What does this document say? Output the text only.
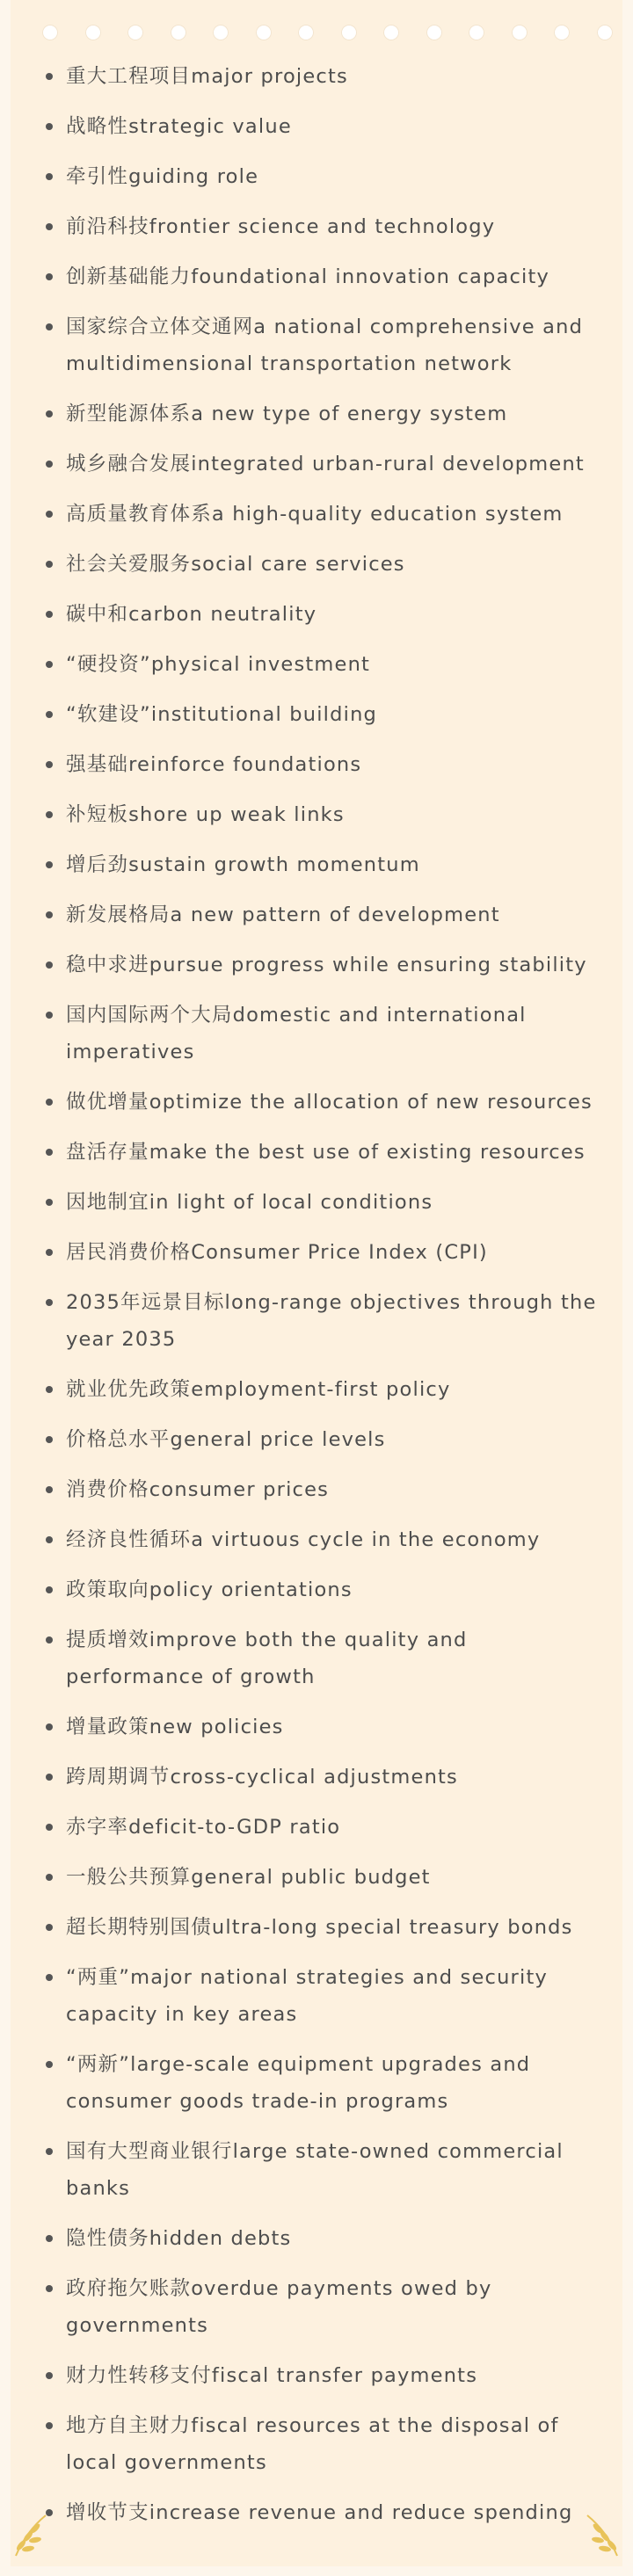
重大工程项目major projects
战略性strategic value
牵引性guiding role
前沿科技frontier science and technology
创新基础能力foundational innovation capacity
国家综合立体交通网a national comprehensive and multidimensional transportation network
新型能源体系a new type of energy system
城乡融合发展integrated urban-rural development
高质量教育体系a high-quality education system
社会关爱服务social care services
碳中和carbon neutrality
“硬投资”physical investment
“软建设”institutional building
强基础reinforce foundations
补短板shore up weak links
增后劲sustain growth momentum
新发展格局a new pattern of development
稳中求进pursue progress while ensuring stability
国内国际两个大局domestic and international imperatives
做优增量optimize the allocation of new resources
盘活存量make the best use of existing resources
因地制宜in light of local conditions
居民消费价格Consumer Price Index (CPI)
2035年远景目标long-range objectives through the year 2035
就业优先政策employment-first policy
价格总水平general price levels
消费价格consumer prices
经济良性循环a virtuous cycle in the economy
政策取向policy orientations
提质增效improve both the quality and performance of growth
增量政策new policies
跨周期调节cross-cyclical adjustments
赤字率deficit-to-GDP ratio
一般公共预算general public budget
超长期特别国债ultra-long special treasury bonds
“两重”major national strategies and security capacity in key areas
“两新”large-scale equipment upgrades and consumer goods trade-in programs
国有大型商业银行large state-owned commercial banks
隐性债务hidden debts
政府拖欠账款overdue payments owed by governments
财力性转移支付fiscal transfer payments
地方自主财力fiscal resources at the disposal of local governments
增收节支increase revenue and reduce spending
